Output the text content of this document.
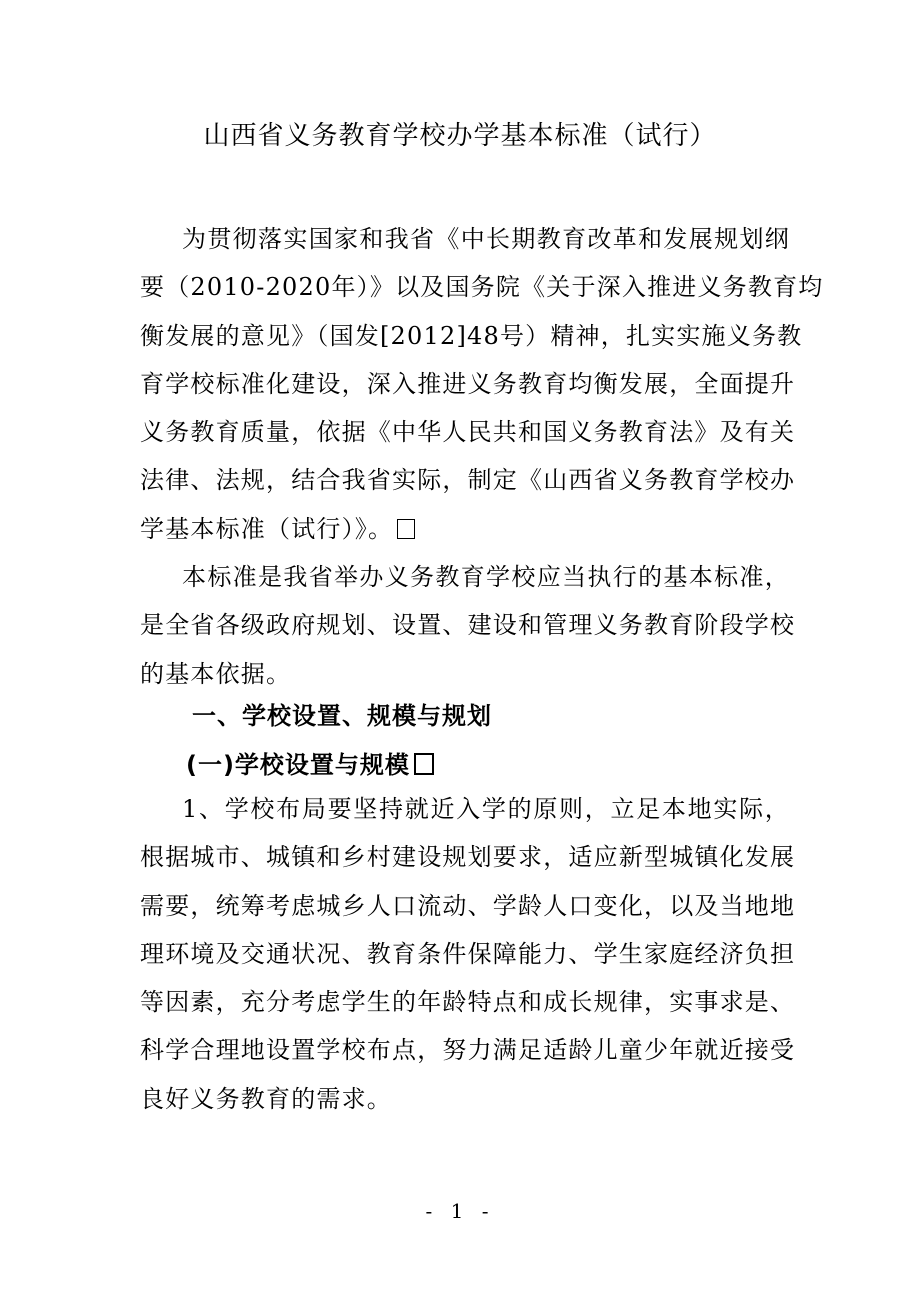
山西省义务教育学校办学基本标准（试行）
为贯彻落实国家和我省《中长期教育改革和发展规划纲
要（2010-2020年）》以及国务院《关于深入推进义务教育均
衡发展的意见》（国发[2012]48号）精神，扎实实施义务教
育学校标准化建设，深入推进义务教育均衡发展，全面提升
义务教育质量，依据《中华人民共和国义务教育法》及有关
法律、法规，结合我省实际，制定《山西省义务教育学校办
学基本标准（试行）》。
本标准是我省举办义务教育学校应当执行的基本标准，
是全省各级政府规划、设置、建设和管理义务教育阶段学校
的基本依据。
一、学校设置、规模与规划
(一)学校设置与规模
1、学校布局要坚持就近入学的原则，立足本地实际，
根据城市、城镇和乡村建设规划要求，适应新型城镇化发展
需要，统筹考虑城乡人口流动、学龄人口变化，以及当地地
理环境及交通状况、教育条件保障能力、学生家庭经济负担
等因素，充分考虑学生的年龄特点和成长规律，实事求是、
科学合理地设置学校布点，努力满足适龄儿童少年就近接受
良好义务教育的需求。
- 1 -
